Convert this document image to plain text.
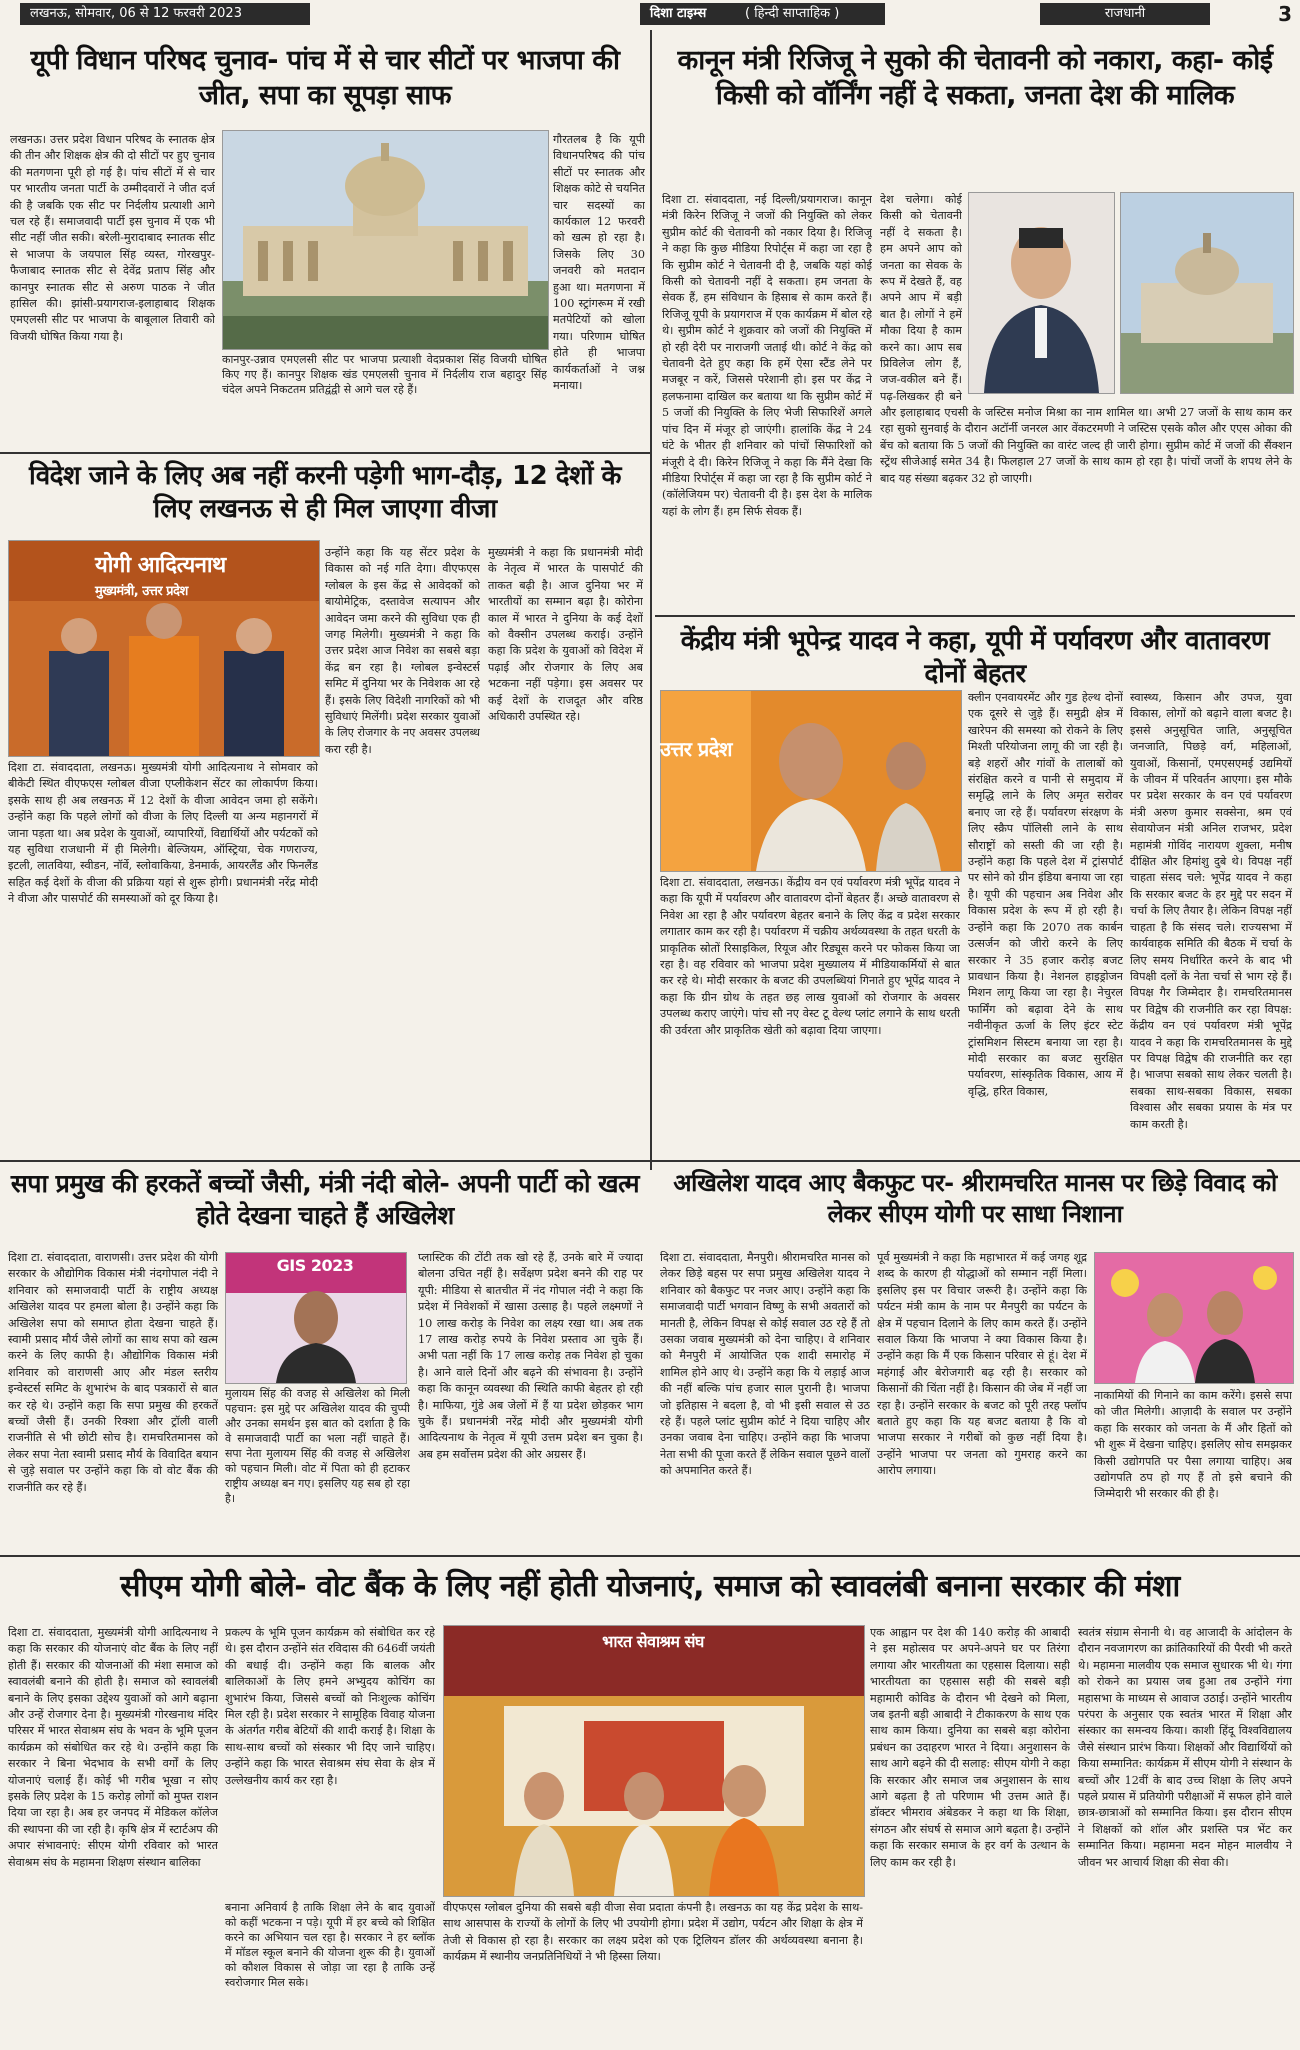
लखनऊ, सोमवार, 06 से 12 फरवरी 2023	दिशा टाइम्स	( हिन्दी साप्ताहिक )	राजधानी	3
यूपी विधान परिषद चुनाव- पांच में से चार सीटों पर भाजपा की जीत, सपा का सूपड़ा साफ
लखनऊ। उत्तर प्रदेश विधान परिषद के स्नातक क्षेत्र की तीन और शिक्षक क्षेत्र की दो सीटों पर हुए चुनाव की मतगणना पूरी हो गई है। पांच सीटों में से चार पर भारतीय जनता पार्टी के उम्मीदवारों ने जीत दर्ज की है जबकि एक सीट पर निर्दलीय प्रत्याशी आगे चल रहे हैं। समाजवादी पार्टी इस चुनाव में एक भी सीट नहीं जीत सकी। बरेली-मुरादाबाद स्नातक सीट से भाजपा के जयपाल सिंह व्यस्त, गोरखपुर-फैजाबाद स्नातक सीट से देवेंद्र प्रताप सिंह और कानपुर स्नातक सीट से अरुण पाठक ने जीत हासिल की। झांसी-प्रयागराज-इलाहाबाद शिक्षक एमएलसी सीट पर भाजपा के बाबूलाल तिवारी को विजयी घोषित किया गया है।
कानपुर-उन्नाव एमएलसी सीट पर भाजपा प्रत्याशी वेदप्रकाश सिंह विजयी घोषित किए गए हैं। कानपुर शिक्षक खंड एमएलसी चुनाव में निर्दलीय राज बहादुर सिंह चंदेल अपने निकटतम प्रतिद्वंद्वी से आगे चल रहे हैं।
गौरतलब है कि यूपी विधानपरिषद की पांच सीटों पर स्नातक और शिक्षक कोटे से चयनित चार सदस्यों का कार्यकाल 12 फरवरी को खत्म हो रहा है। जिसके लिए 30 जनवरी को मतदान हुआ था। मतगणना में 100 स्ट्रांगरूम में रखी मतपेटियों को खोला गया। परिणाम घोषित होते ही भाजपा कार्यकर्ताओं ने जश्न मनाया।
कानून मंत्री रिजिजू ने सुको की चेतावनी को नकारा, कहा- कोई किसी को वॉर्निंग नहीं दे सकता, जनता देश की मालिक
दिशा टा. संवाददाता, नई दिल्ली/प्रयागराज। कानून मंत्री किरेन रिजिजू ने जजों की नियुक्ति को लेकर सुप्रीम कोर्ट की चेतावनी को नकार दिया है। रिजिजू ने कहा कि कुछ मीडिया रिपोर्ट्स में कहा जा रहा है कि सुप्रीम कोर्ट ने चेतावनी दी है, जबकि यहां कोई किसी को चेतावनी नहीं दे सकता। हम जनता के सेवक हैं, हम संविधान के हिसाब से काम करते हैं। रिजिजू यूपी के प्रयागराज में एक कार्यक्रम में बोल रहे थे। सुप्रीम कोर्ट ने शुक्रवार को जजों की नियुक्ति में हो रही देरी पर नाराजगी जताई थी। कोर्ट ने केंद्र को चेतावनी देते हुए कहा कि हमें ऐसा स्टैंड लेने पर मजबूर न करें, जिससे परेशानी हो। इस पर केंद्र ने हलफनामा दाखिल कर बताया था कि सुप्रीम कोर्ट में 5 जजों की नियुक्ति के लिए भेजी सिफारिशें अगले पांच दिन में मंजूर हो जाएंगी। हालांकि केंद्र ने 24 घंटे के भीतर ही शनिवार को पांचों सिफारिशों को मंजूरी दे दी। किरेन रिजिजू ने कहा कि मैंने देखा कि मीडिया रिपोर्ट्स में कहा जा रहा है कि सुप्रीम कोर्ट ने (कॉलेजियम पर) चेतावनी दी है। इस देश के मालिक यहां के लोग हैं। हम सिर्फ सेवक हैं।
देश चलेगा। कोई किसी को चेतावनी नहीं दे सकता है। हम अपने आप को जनता का सेवक के रूप में देखते हैं, वह अपने आप में बड़ी बात है। लोगों ने हमें मौका दिया है काम करने का। आप सब प्रिविलेज लोग हैं, जज-वकील बने हैं। पढ़-लिखकर ही बने
और इलाहाबाद एचसी के जस्टिस मनोज मिश्रा का नाम शामिल था। अभी 27 जजों के साथ काम कर रहा सुको सुनवाई के दौरान अटॉर्नी जनरल आर वेंकटरमणी ने जस्टिस एसके कौल और एएस ओका की बेंच को बताया कि 5 जजों की नियुक्ति का वारंट जल्द ही जारी होगा। सुप्रीम कोर्ट में जजों की सैंक्शन स्ट्रेंथ सीजेआई समेत 34 है। फिलहाल 27 जजों के साथ काम हो रहा है। पांचों जजों के शपथ लेने के बाद यह संख्या बढ़कर 32 हो जाएगी।
विदेश जाने के लिए अब नहीं करनी पड़ेगी भाग-दौड़, 12 देशों के लिए लखनऊ से ही मिल जाएगा वीजा
योगी आदित्यनाथ
मुख्यमंत्री, उत्तर प्रदेश
दिशा टा. संवाददाता, लखनऊ। मुख्यमंत्री योगी आदित्यनाथ ने सोमवार को बीकेटी स्थित वीएफएस ग्लोबल वीजा एप्लीकेशन सेंटर का लोकार्पण किया। इसके साथ ही अब लखनऊ में 12 देशों के वीजा आवेदन जमा हो सकेंगे। उन्होंने कहा कि पहले लोगों को वीजा के लिए दिल्ली या अन्य महानगरों में जाना पड़ता था। अब प्रदेश के युवाओं, व्यापारियों, विद्यार्थियों और पर्यटकों को यह सुविधा राजधानी में ही मिलेगी। बेल्जियम, ऑस्ट्रिया, चेक गणराज्य, इटली, लातविया, स्वीडन, नॉर्वे, स्लोवाकिया, डेनमार्क, आयरलैंड और फिनलैंड सहित कई देशों के वीजा की प्रक्रिया यहां से शुरू होगी। प्रधानमंत्री नरेंद्र मोदी ने वीजा और पासपोर्ट की समस्याओं को दूर किया है।
उन्होंने कहा कि यह सेंटर प्रदेश के विकास को नई गति देगा। वीएफएस ग्लोबल के इस केंद्र से आवेदकों को बायोमेट्रिक, दस्तावेज सत्यापन और आवेदन जमा करने की सुविधा एक ही जगह मिलेगी। मुख्यमंत्री ने कहा कि उत्तर प्रदेश आज निवेश का सबसे बड़ा केंद्र बन रहा है। ग्लोबल इन्वेस्टर्स समिट में दुनिया भर के निवेशक आ रहे हैं। इसके लिए विदेशी नागरिकों को भी सुविधाएं मिलेंगी। प्रदेश सरकार युवाओं के लिए रोजगार के नए अवसर उपलब्ध करा रही है।
मुख्यमंत्री ने कहा कि प्रधानमंत्री मोदी के नेतृत्व में भारत के पासपोर्ट की ताकत बढ़ी है। आज दुनिया भर में भारतीयों का सम्मान बढ़ा है। कोरोना काल में भारत ने दुनिया के कई देशों को वैक्सीन उपलब्ध कराई। उन्होंने कहा कि प्रदेश के युवाओं को विदेश में पढ़ाई और रोजगार के लिए अब भटकना नहीं पड़ेगा। इस अवसर पर कई देशों के राजदूत और वरिष्ठ अधिकारी उपस्थित रहे।
केंद्रीय मंत्री भूपेन्द्र यादव ने कहा, यूपी में पर्यावरण और वातावरण दोनों बेहतर
उत्तर प्रदेश
दिशा टा. संवाददाता, लखनऊ। केंद्रीय वन एवं पर्यावरण मंत्री भूपेंद्र यादव ने कहा कि यूपी में पर्यावरण और वातावरण दोनों बेहतर हैं। अच्छे वातावरण से निवेश आ रहा है और पर्यावरण बेहतर बनाने के लिए केंद्र व प्रदेश सरकार लगातार काम कर रही है। पर्यावरण में चक्रीय अर्थव्यवस्था के तहत धरती के प्राकृतिक स्रोतों रिसाइकिल, रियूज और रिड्यूस करने पर फोकस किया जा रहा है। वह रविवार को भाजपा प्रदेश मुख्यालय में मीडियाकर्मियों से बात कर रहे थे। मोदी सरकार के बजट की उपलब्धियां गिनाते हुए भूपेंद्र यादव ने कहा कि ग्रीन ग्रोथ के तहत छह लाख युवाओं को रोजगार के अवसर उपलब्ध कराए जाएंगे। पांच सौ नए वेस्ट टू वेल्थ प्लांट लगाने के साथ धरती की उर्वरता और प्राकृतिक खेती को बढ़ावा दिया जाएगा।
क्लीन एनवायरमेंट और गुड हेल्थ दोनों एक दूसरे से जुड़े हैं। समुद्री क्षेत्र में खारेपन की समस्या को रोकने के लिए मिश्ती परियोजना लागू की जा रही है। बड़े शहरों और गांवों के तालाबों को संरक्षित करने व पानी से समुदाय में समृद्धि लाने के लिए अमृत सरोवर बनाए जा रहे हैं। पर्यावरण संरक्षण के लिए स्क्रैप पॉलिसी लाने के साथ सौराष्ट्रों को सस्ती की जा रही है। उन्होंने कहा कि पहले देश में ट्रांसपोर्ट पर सोने को ग्रीन इंडिया बनाया जा रहा है। यूपी की पहचान अब निवेश और विकास प्रदेश के रूप में हो रही है। उन्होंने कहा कि 2070 तक कार्बन उत्सर्जन को जीरो करने के लिए सरकार ने 35 हजार करोड़ बजट प्रावधान किया है। नेशनल हाइड्रोजन मिशन लागू किया जा रहा है। नेचुरल फार्मिंग को बढ़ावा देने के साथ नवीनीकृत ऊर्जा के लिए इंटर स्टेट ट्रांसमिशन सिस्टम बनाया जा रहा है। मोदी सरकार का बजट सुरक्षित पर्यावरण, सांस्कृतिक विकास, आय में वृद्धि, हरित विकास,
स्वास्थ्य, किसान और उपज, युवा विकास, लोगों को बढ़ाने वाला बजट है। इससे अनुसूचित जाति, अनुसूचित जनजाति, पिछड़े वर्ग, महिलाओं, युवाओं, किसानों, एमएसएमई उद्यमियों के जीवन में परिवर्तन आएगा। इस मौके पर प्रदेश सरकार के वन एवं पर्यावरण मंत्री अरुण कुमार सक्सेना, श्रम एवं सेवायोजन मंत्री अनिल राजभर, प्रदेश महामंत्री गोविंद नारायण शुक्ला, मनीष दीक्षित और हिमांशु दुबे थे। विपक्ष नहीं चाहता संसद चले: भूपेंद्र यादव ने कहा कि सरकार बजट के हर मुद्दे पर सदन में चर्चा के लिए तैयार है। लेकिन विपक्ष नहीं चाहता है कि संसद चले। राज्यसभा में कार्यवाहक समिति की बैठक में चर्चा के लिए समय निर्धारित करने के बाद भी विपक्षी दलों के नेता चर्चा से भाग रहे हैं। विपक्ष गैर जिम्मेदार है। रामचरितमानस पर विद्वेष की राजनीति कर रहा विपक्ष: केंद्रीय वन एवं पर्यावरण मंत्री भूपेंद्र यादव ने कहा कि रामचरितमानस के मुद्दे पर विपक्ष विद्वेष की राजनीति कर रहा है। भाजपा सबको साथ लेकर चलती है। सबका साथ-सबका विकास, सबका विश्वास और सबका प्रयास के मंत्र पर काम करती है।
सपा प्रमुख की हरकतें बच्चों जैसी, मंत्री नंदी बोले- अपनी पार्टी को खत्म होते देखना चाहते हैं अखिलेश
दिशा टा. संवाददाता, वाराणसी। उत्तर प्रदेश की योगी सरकार के औद्योगिक विकास मंत्री नंदगोपाल नंदी ने शनिवार को समाजवादी पार्टी के राष्ट्रीय अध्यक्ष अखिलेश यादव पर हमला बोला है। उन्होंने कहा कि अखिलेश सपा को समाप्त होता देखना चाहते हैं। स्वामी प्रसाद मौर्य जैसे लोगों का साथ सपा को खत्म करने के लिए काफी है। औद्योगिक विकास मंत्री शनिवार को वाराणसी आए और मंडल स्तरीय इन्वेस्टर्स समिट के शुभारंभ के बाद पत्रकारों से बात कर रहे थे। उन्होंने कहा कि सपा प्रमुख की हरकतें बच्चों जैसी हैं। उनकी रिक्शा और ट्रॉली वाली राजनीति से भी छोटी सोच है। रामचरितमानस को लेकर सपा नेता स्वामी प्रसाद मौर्य के विवादित बयान से जुड़े सवाल पर उन्होंने कहा कि वो वोट बैंक की राजनीति कर रहे हैं।
GIS 2023
मुलायम सिंह की वजह से अखिलेश को मिली पहचान: इस मुद्दे पर अखिलेश यादव की चुप्पी और उनका समर्थन इस बात को दर्शाता है कि वे समाजवादी पार्टी का भला नहीं चाहते हैं। सपा नेता मुलायम सिंह की वजह से अखिलेश को पहचान मिली। वोट में पिता को ही हटाकर राष्ट्रीय अध्यक्ष बन गए। इसलिए यह सब हो रहा है।
प्लास्टिक की टोंटी तक खो रहे हैं, उनके बारे में ज्यादा बोलना उचित नहीं है। सर्वेक्षण प्रदेश बनने की राह पर यूपी: मीडिया से बातचीत में नंद गोपाल नंदी ने कहा कि प्रदेश में निवेशकों में खासा उत्साह है। पहले लक्ष्मणों ने 10 लाख करोड़ के निवेश का लक्ष्य रखा था। अब तक 17 लाख करोड़ रुपये के निवेश प्रस्ताव आ चुके हैं। अभी पता नहीं कि 17 लाख करोड़ तक निवेश हो चुका है। आने वाले दिनों और बढ़ने की संभावना है। उन्होंने कहा कि कानून व्यवस्था की स्थिति काफी बेहतर हो रही है। माफिया, गुंडे अब जेलों में हैं या प्रदेश छोड़कर भाग चुके हैं। प्रधानमंत्री नरेंद्र मोदी और मुख्यमंत्री योगी आदित्यनाथ के नेतृत्व में यूपी उत्तम प्रदेश बन चुका है। अब हम सर्वोत्तम प्रदेश की ओर अग्रसर हैं।
अखिलेश यादव आए बैकफुट पर- श्रीरामचरित मानस पर छिड़े विवाद को लेकर सीएम योगी पर साधा निशाना
दिशा टा. संवाददाता, मैनपुरी। श्रीरामचरित मानस को लेकर छिड़े बहस पर सपा प्रमुख अखिलेश यादव ने शनिवार को बैकफुट पर नजर आए। उन्होंने कहा कि समाजवादी पार्टी भगवान विष्णु के सभी अवतारों को मानती है, लेकिन विपक्ष से कोई सवाल उठ रहे हैं तो उसका जवाब मुख्यमंत्री को देना चाहिए। वे शनिवार को मैनपुरी में आयोजित एक शादी समारोह में शामिल होने आए थे। उन्होंने कहा कि ये लड़ाई आज की नहीं बल्कि पांच हजार साल पुरानी है। भाजपा जो इतिहास ने बदला है, वो भी इसी सवाल से उठ रहे हैं। पहले प्लांट सुप्रीम कोर्ट ने दिया चाहिए और उनका जवाब देना चाहिए। उन्होंने कहा कि भाजपा नेता सभी की पूजा करते हैं लेकिन सवाल पूछने वालों को अपमानित करते हैं।
पूर्व मुख्यमंत्री ने कहा कि महाभारत में कई जगह शूद्र शब्द के कारण ही योद्धाओं को सम्मान नहीं मिला। इसलिए इस पर विचार जरूरी है। उन्होंने कहा कि पर्यटन मंत्री काम के नाम पर मैनपुरी का पर्यटन के क्षेत्र में पहचान दिलाने के लिए काम करते हैं। उन्होंने सवाल किया कि भाजपा ने क्या विकास किया है। उन्होंने कहा कि मैं एक किसान परिवार से हूं। देश में महंगाई और बेरोजगारी बढ़ रही है। सरकार को किसानों की चिंता नहीं है। किसान की जेब में नहीं जा रहा है। उन्होंने सरकार के बजट को पूरी तरह फ्लॉप बताते हुए कहा कि यह बजट बताया है कि वो भाजपा सरकार ने गरीबों को कुछ नहीं दिया है। उन्होंने भाजपा पर जनता को गुमराह करने का आरोप लगाया।
नाकामियों की गिनाने का काम करेंगे। इससे सपा को जीत मिलेगी। आज़ादी के सवाल पर उन्होंने कहा कि सरकार को जनता के मैं और हितों को भी शुरू में देखना चाहिए। इसलिए सोच समझकर किसी उद्योगपति पर पैसा लगाया चाहिए। अब उद्योगपति ठप हो गए हैं तो इसे बचाने की जिम्मेदारी भी सरकार की ही है।
सीएम योगी बोले- वोट बैंक के लिए नहीं होती योजनाएं, समाज को स्वावलंबी बनाना सरकार की मंशा
दिशा टा. संवाददाता, मुख्यमंत्री योगी आदित्यनाथ ने कहा कि सरकार की योजनाएं वोट बैंक के लिए नहीं होती हैं। सरकार की योजनाओं की मंशा समाज को स्वावलंबी बनाने की होती है। समाज को स्वावलंबी बनाने के लिए इसका उद्देश्य युवाओं को आगे बढ़ाना और उन्हें रोजगार देना है। मुख्यमंत्री गोरखनाथ मंदिर परिसर में भारत सेवाश्रम संघ के भवन के भूमि पूजन कार्यक्रम को संबोधित कर रहे थे। उन्होंने कहा कि सरकार ने बिना भेदभाव के सभी वर्गों के लिए योजनाएं चलाई हैं। कोई भी गरीब भूखा न सोए इसके लिए प्रदेश के 15 करोड़ लोगों को मुफ्त राशन दिया जा रहा है। अब हर जनपद में मेडिकल कॉलेज की स्थापना की जा रही है। कृषि क्षेत्र में स्टार्टअप की अपार संभावनाएं: सीएम योगी रविवार को भारत सेवाश्रम संघ के महामना शिक्षण संस्थान बालिका
प्रकल्प के भूमि पूजन कार्यक्रम को संबोधित कर रहे थे। इस दौरान उन्होंने संत रविदास की 646वीं जयंती की बधाई दी। उन्होंने कहा कि बालक और बालिकाओं के लिए हमने अभ्युदय कोचिंग का शुभारंभ किया, जिससे बच्चों को निःशुल्क कोचिंग मिल रही है। प्रदेश सरकार ने सामूहिक विवाह योजना के अंतर्गत गरीब बेटियों की शादी कराई है। शिक्षा के साथ-साथ बच्चों को संस्कार भी दिए जाने चाहिए। उन्होंने कहा कि भारत सेवाश्रम संघ सेवा के क्षेत्र में उल्लेखनीय कार्य कर रहा है।
भारत सेवाश्रम संघ
बनाना अनिवार्य है ताकि शिक्षा लेने के बाद युवाओं को कहीं भटकना न पड़े। यूपी में हर बच्चे को शिक्षित करने का अभियान चल रहा है। सरकार ने हर ब्लॉक में मॉडल स्कूल बनाने की योजना शुरू की है। युवाओं को कौशल विकास से जोड़ा जा रहा है ताकि उन्हें स्वरोजगार मिल सके।
एक आह्वान पर देश की 140 करोड़ की आबादी ने इस महोत्सव पर अपने-अपने घर पर तिरंगा लगाया और भारतीयता का एहसास दिलाया। सही भारतीयता का एहसास सही की सबसे बड़ी महामारी कोविड के दौरान भी देखने को मिला, जब इतनी बड़ी आबादी ने टीकाकरण के साथ एक साथ काम किया। दुनिया का सबसे बड़ा कोरोना प्रबंधन का उदाहरण भारत ने दिया। अनुशासन के साथ आगे बढ़ने की दी सलाह: सीएम योगी ने कहा कि सरकार और समाज जब अनुशासन के साथ आगे बढ़ता है तो परिणाम भी उत्तम आते हैं। डॉक्टर भीमराव अंबेडकर ने कहा था कि शिक्षा, संगठन और संघर्ष से समाज आगे बढ़ता है। उन्होंने कहा कि सरकार समाज के हर वर्ग के उत्थान के लिए काम कर रही है।
स्वतंत्र संग्राम सेनानी थे। वह आजादी के आंदोलन के दौरान नवजागरण का क्रांतिकारियों की पैरवी भी करते थे। महामना मालवीय एक समाज सुधारक भी थे। गंगा को रोकने का प्रयास जब हुआ तब उन्होंने गंगा महासभा के माध्यम से आवाज उठाई। उन्होंने भारतीय परंपरा के अनुसार एक स्वतंत्र भारत में शिक्षा और संस्कार का समन्वय किया। काशी हिंदू विश्वविद्यालय जैसे संस्थान प्रारंभ किया। शिक्षकों और विद्यार्थियों को किया सम्मानित: कार्यक्रम में सीएम योगी ने संस्थान के बच्चों और 12वीं के बाद उच्च शिक्षा के लिए अपने पहले प्रयास में प्रतियोगी परीक्षाओं में सफल होने वाले छात्र-छात्राओं को सम्मानित किया। इस दौरान सीएम ने शिक्षकों को शॉल और प्रशस्ति पत्र भेंट कर सम्मानित किया। महामना मदन मोहन मालवीय ने जीवन भर आचार्य शिक्षा की सेवा की।
वीएफएस ग्लोबल दुनिया की सबसे बड़ी वीजा सेवा प्रदाता कंपनी है। लखनऊ का यह केंद्र प्रदेश के साथ-साथ आसपास के राज्यों के लोगों के लिए भी उपयोगी होगा। प्रदेश में उद्योग, पर्यटन और शिक्षा के क्षेत्र में तेजी से विकास हो रहा है। सरकार का लक्ष्य प्रदेश को एक ट्रिलियन डॉलर की अर्थव्यवस्था बनाना है। कार्यक्रम में स्थानीय जनप्रतिनिधियों ने भी हिस्सा लिया।
